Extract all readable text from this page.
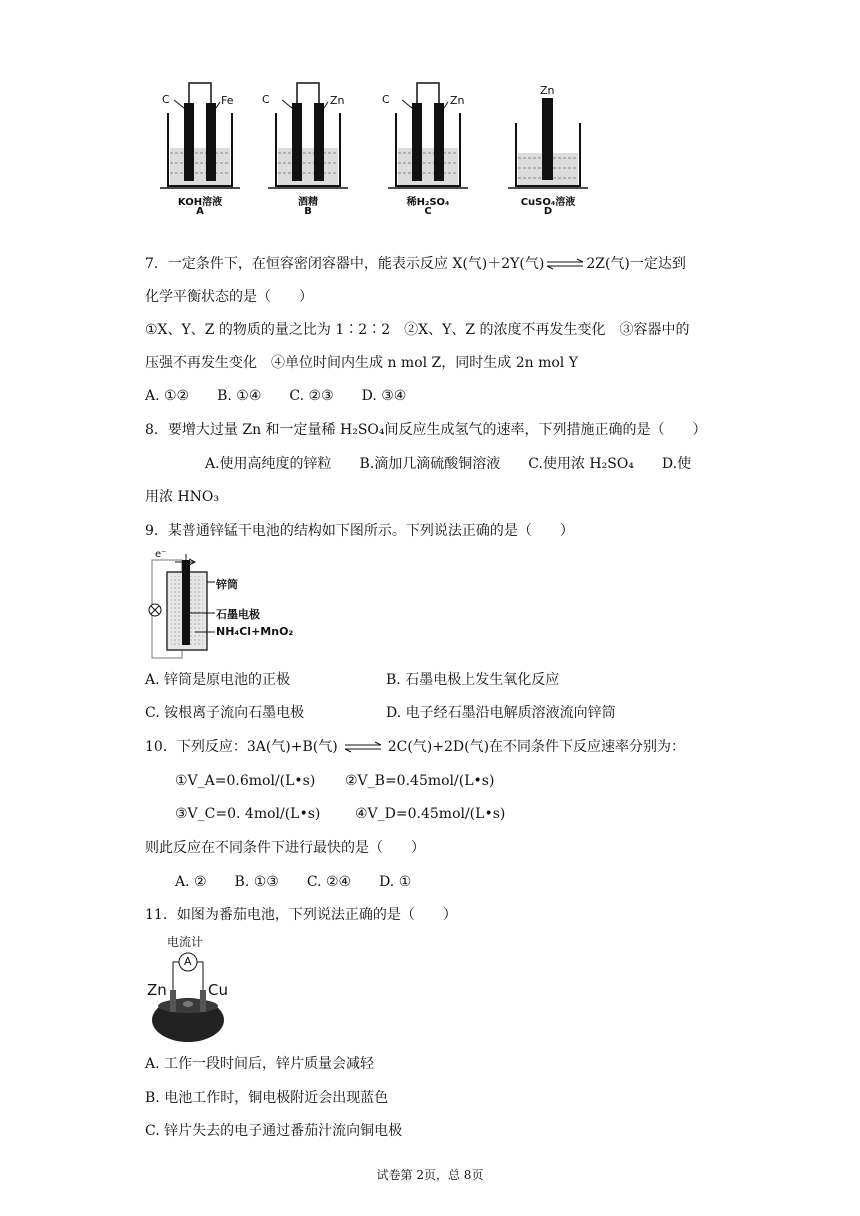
C	Fe
KOH溶液
A
C	Zn
酒精
B
C	Zn
稀H₂SO₄
C
Zn
CuSO₄溶液
D
7．一定条件下，在恒容密闭容器中，能表示反应 X(气)＋2Y(气) ⇌ 2Z(气)一定达到
化学平衡状态的是（　　）
①X、Y、Z 的物质的量之比为 1∶2∶2　②X、Y、Z 的浓度不再发生变化　③容器中的
压强不再发生变化　④单位时间内生成 n mol Z，同时生成 2n mol Y
A. ①②　　B. ①④　　C. ②③　　D. ③④
8．要增大过量 Zn 和一定量稀 H₂SO₄间反应生成氢气的速率，下列措施正确的是（　　）
A.使用高纯度的锌粒　　B.滴加几滴硫酸铜溶液　　C.使用浓 H₂SO₄　　D.使
用浓 HNO₃
9．某普通锌锰干电池的结构如下图所示。下列说法正确的是（　　）
e⁻
锌筒
石墨电极
NH₄Cl+MnO₂
A. 锌筒是原电池的正极	B. 石墨电极上发生氧化反应
C. 铵根离子流向石墨电极	D. 电子经石墨沿电解质溶液流向锌筒
10．下列反应：3A(气)+B(气) ⇌ 2C(气)+2D(气)在不同条件下反应速率分别为：
①V_A=0.6mol/(L•s) ②V_B=0.45mol/(L•s)
③V_C=0. 4mol/(L•s) ④V_D=0.45mol/(L•s)
则此反应在不同条件下进行最快的是（　　）
A. ②　　B. ①③　　C. ②④　　D. ①
11．如图为番茄电池，下列说法正确的是（　　）
电流计
A
Zn	Cu
A. 工作一段时间后，锌片质量会减轻
B. 电池工作时，铜电极附近会出现蓝色
C. 锌片失去的电子通过番茄汁流向铜电极
试卷第 2页，总 8页
